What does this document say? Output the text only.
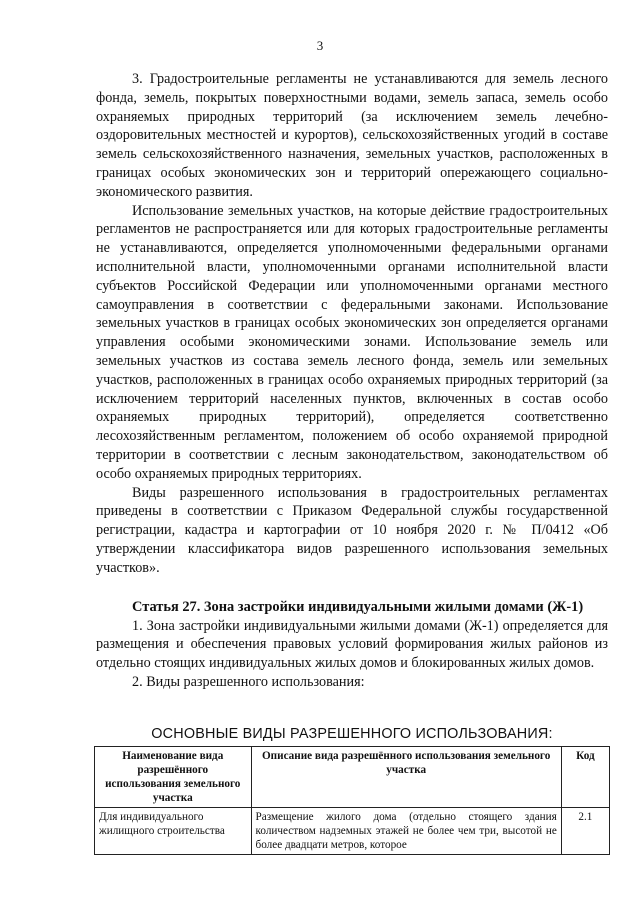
3

3. Градостроительные регламенты не устанавливаются для земель лесного фонда, земель, покрытых поверхностными водами, земель запаса, земель особо охраняемых природных территорий (за исключением земель лечебно-оздоровительных местностей и курортов), сельскохозяйственных угодий в составе земель сельскохозяйственного назначения, земельных участков, расположенных в границах особых экономических зон и территорий опережающего социально-экономического развития.

Использование земельных участков, на которые действие градостроительных регламентов не распространяется или для которых градостроительные регламенты не устанавливаются, определяется уполномоченными федеральными органами исполнительной власти, уполномоченными органами исполнительной власти субъектов Российской Федерации или уполномоченными органами местного самоуправления в соответствии с федеральными законами. Использование земельных участков в границах особых экономических зон определяется органами управления особыми экономическими зонами. Использование земель или земельных участков из состава земель лесного фонда, земель или земельных участков, расположенных в границах особо охраняемых природных территорий (за исключением территорий населенных пунктов, включенных в состав особо охраняемых природных территорий), определяется соответственно лесохозяйственным регламентом, положением об особо охраняемой природной территории в соответствии с лесным законодательством, законодательством об особо охраняемых природных территориях.

Виды разрешенного использования в градостроительных регламентах приведены в соответствии с Приказом Федеральной службы государственной регистрации, кадастра и картографии от 10 ноября 2020 г. № П/0412 «Об утверждении классификатора видов разрешенного использования земельных участков».

Статья 27. Зона застройки индивидуальными жилыми домами (Ж-1)

1. Зона застройки индивидуальными жилыми домами (Ж-1) определяется для размещения и обеспечения правовых условий формирования жилых районов из отдельно стоящих индивидуальных жилых домов и блокированных жилых домов.

2. Виды разрешенного использования:

ОСНОВНЫЕ ВИДЫ РАЗРЕШЕННОГО ИСПОЛЬЗОВАНИЯ:
Наименование вида разрешённого использования земельного участка	Описание вида разрешённого использования земельного участка	Код
Для индивидуального жилищного строительства	Размещение жилого дома (отдельно стоящего здания количеством надземных этажей не более чем три, высотой не более двадцати метров, которое	2.1
